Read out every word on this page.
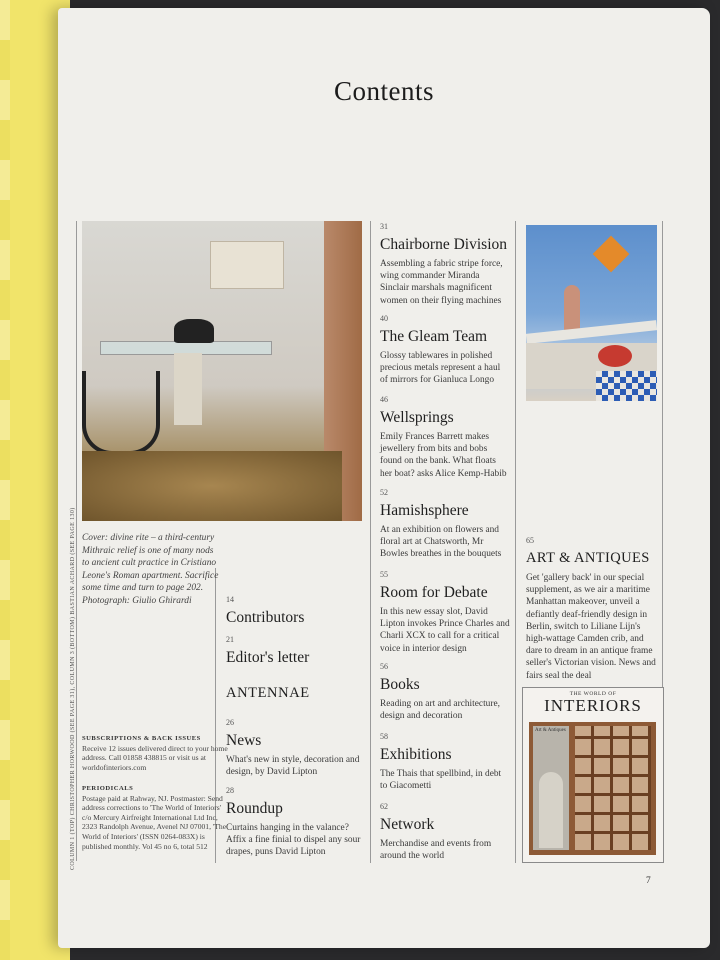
Contents
Cover: divine rite – a third-century Mithraic relief is one of many nods to ancient cult practice in Cristiano Leone's Roman apartment. Sacrifice some time and turn to page 202. Photograph: Giulio Ghirardi
SUBSCRIPTIONS & BACK ISSUES
Receive 12 issues delivered direct to your home address. Call 01858 438815 or visit us at worldofinteriors.com
PERIODICALS
Postage paid at Rahway, NJ. Postmaster: Send address corrections to 'The World of Interiors' c/o Mercury Airfreight International Ltd Inc, 2323 Randolph Avenue, Avenel NJ 07001, 'The World of Interiors' (ISSN 0264-083X) is published monthly. Vol 45 no 6, total 512
COLUMN 1 (TOP) CHRISTOPHER HORWOOD (SEE PAGE 31), COLUMN 3 (BOTTOM) BASTIAN ACHARD (SEE PAGE 130)	14
Contributors
21
Editor's letter
ANTENNAE
26
News
What's new in style, decoration and design, by David Lipton
28
Roundup
Curtains hanging in the valance? Affix a fine finial to dispel any sour drapes, puns David Lipton
31
Chairborne Division
Assembling a fabric stripe force, wing commander Miranda Sinclair marshals magnificent women on their flying machines
40
The Gleam Team
Glossy tablewares in polished precious metals represent a haul of mirrors for Gianluca Longo
46
Wellsprings
Emily Frances Barrett makes jewellery from bits and bobs found on the bank. What floats her boat? asks Alice Kemp-Habib
52
Hamishsphere
At an exhibition on flowers and floral art at Chatsworth, Mr Bowles breathes in the bouquets
55
Room for Debate
In this new essay slot, David Lipton invokes Prince Charles and Charli XCX to call for a critical voice in interior design
56
Books
Reading on art and architecture, design and decoration
58
Exhibitions
The Thais that spellbind, in debt to Giacometti
62
Network
Merchandise and events from around the world
65
ART & ANTIQUES
Get 'gallery back' in our special supplement, as we air a maritime Manhattan makeover, unveil a defiantly deaf-friendly design in Berlin, switch to Liliane Lijn's high-wattage Camden crib, and dare to dream in an antique frame seller's Victorian vision. News and fairs seal the deal
THE WORLD OF
INTERIORS
Art & Antiques
7
